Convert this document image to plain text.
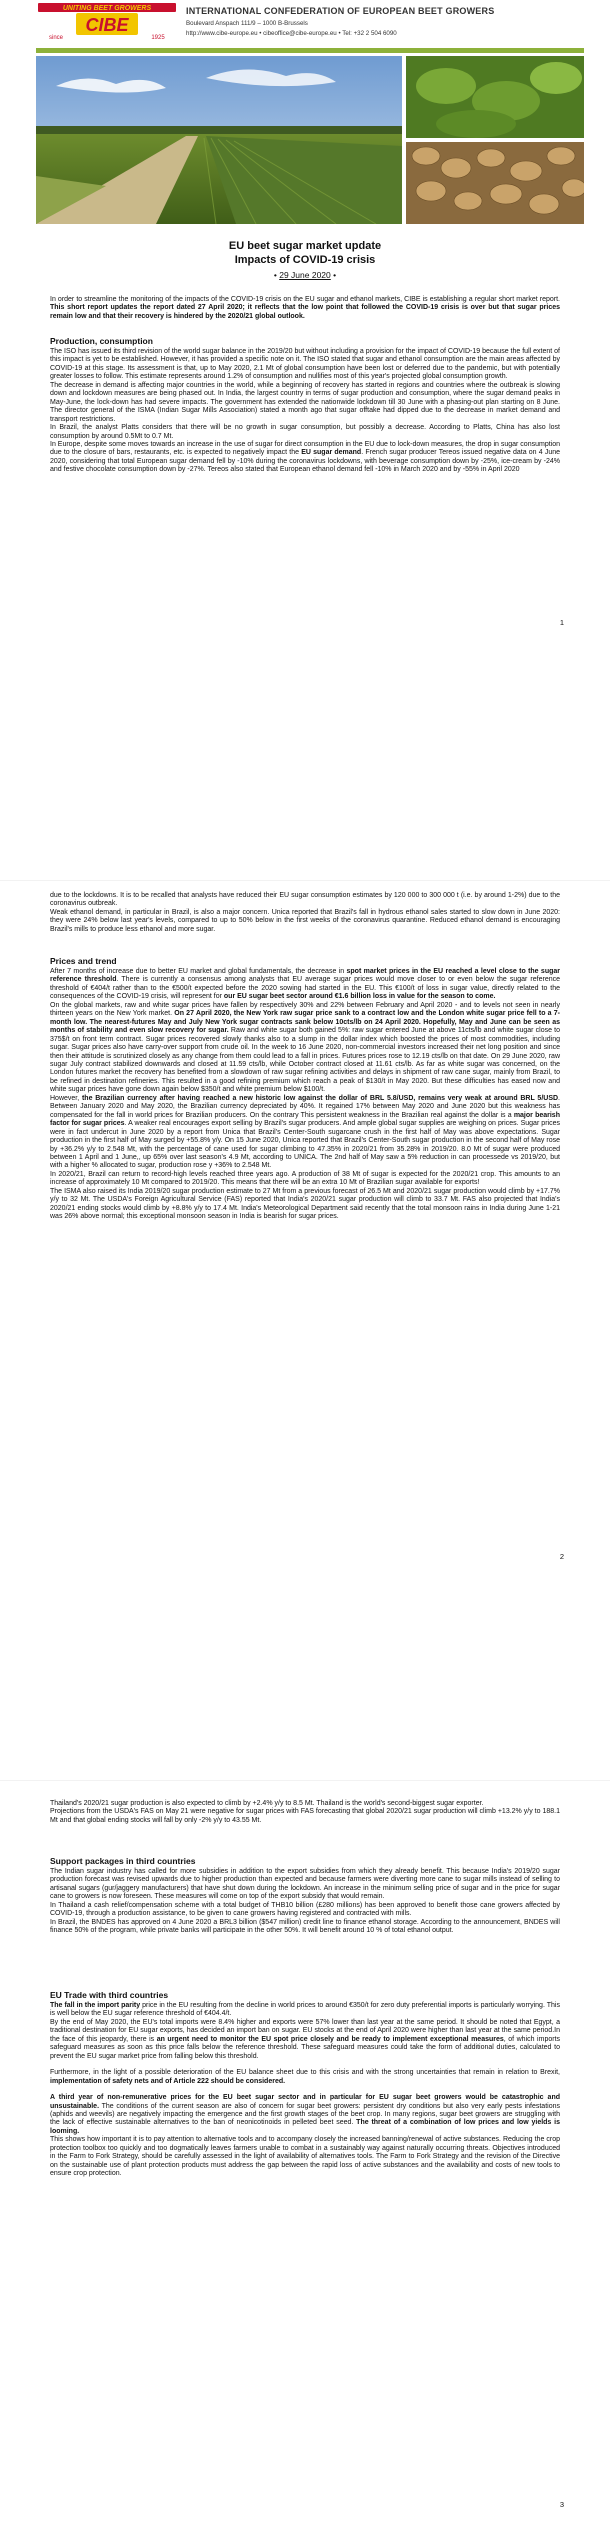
UNITING BEET GROWERS
CIBE
since	1925
INTERNATIONAL CONFEDERATION OF EUROPEAN BEET GROWERS
Boulevard Anspach 111/9 – 1000 B-Brussels
http://www.cibe-europe.eu • cibeoffice@cibe-europe.eu • Tel: +32 2 504 6090
EU beet sugar market update
Impacts of COVID-19 crisis
• 29 June 2020 •

In order to streamline the monitoring of the impacts of the COVID-19 crisis on the EU sugar and ethanol markets, CIBE is establishing a regular short market report. This short report updates the report dated 27 April 2020; it reflects that the low point that followed the COVID-19 crisis is over but that sugar prices remain low and that their recovery is hindered by the 2020/21 global outlook.

Production, consumption

The ISO has issued its third revision of the world sugar balance in the 2019/20 but without including a provision for the impact of COVID-19 because the full extent of this impact is yet to be established. However, it has provided a specific note on it. The ISO stated that sugar and ethanol consumption are the main areas affected by COVID-19 at this stage. Its assessment is that, up to May 2020, 2.1 Mt of global consumption have been lost or deferred due to the pandemic, but with potentially greater losses to follow. This estimate represents around 1.2% of consumption and nullifies most of this year's projected global consumption growth.

The decrease in demand is affecting major countries in the world, while a beginning of recovery has started in regions and countries where the outbreak is slowing down and lockdown measures are being phased out. In India, the largest country in terms of sugar production and consumption, where the sugar demand peaks in May-June, the lock-down has had severe impacts. The government has extended the nationwide lockdown till 30 June with a phasing-out plan starting on 8 June. The director general of the ISMA (Indian Sugar Mills Association) stated a month ago that sugar offtake had dipped due to the decrease in market demand and transport restrictions.

In Brazil, the analyst Platts considers that there will be no growth in sugar consumption, but possibly a decrease. According to Platts, China has also lost consumption by around 0.5Mt to 0.7 Mt.

In Europe, despite some moves towards an increase in the use of sugar for direct consumption in the EU due to lock-down measures, the drop in sugar consumption due to the closure of bars, restaurants, etc. is expected to negatively impact the EU sugar demand. French sugar producer Tereos issued negative data on 4 June 2020, considering that total European sugar demand fell by -10% during the coronavirus lockdowns, with beverage consumption down by -25%, ice-cream by -24% and festive chocolate consumption down by -27%. Tereos also stated that European ethanol demand fell -10% in March 2020 and by -55% in April 2020

1

due to the lockdowns. It is to be recalled that analysts have reduced their EU sugar consumption estimates by 120 000 to 300 000 t (i.e. by around 1-2%) due to the coronavirus outbreak.

Weak ethanol demand, in particular in Brazil, is also a major concern. Unica reported that Brazil's fall in hydrous ethanol sales started to slow down in June 2020: they were 24% below last year's levels, compared to up to 50% below in the first weeks of the coronavirus quarantine. Reduced ethanol demand is encouraging Brazil's mills to produce less ethanol and more sugar.

Prices and trend

After 7 months of increase due to better EU market and global fundamentals, the decrease in spot market prices in the EU reached a level close to the sugar reference threshold. There is currently a consensus among analysts that EU average sugar prices would move closer to or even below the sugar reference threshold of €404/t rather than to the €500/t expected before the 2020 sowing had started in the EU. This €100/t of loss in sugar value, directly related to the consequences of the COVID-19 crisis, will represent for our EU sugar beet sector around €1.6 billion loss in value for the season to come.

On the global markets, raw and white sugar prices have fallen by respectively 30% and 22% between February and April 2020 - and to levels not seen in nearly thirteen years on the New York market. On 27 April 2020, the New York raw sugar price sank to a contract low and the London white sugar price fell to a 7-month low. The nearest-futures May and July New York sugar contracts sank below 10cts/lb on 24 April 2020. Hopefully, May and June can be seen as months of stability and even slow recovery for sugar. Raw and white sugar both gained 5%: raw sugar entered June at above 11cts/lb and white sugar close to 375$/t on front term contract. Sugar prices recovered slowly thanks also to a slump in the dollar index which boosted the prices of most commodities, including sugar. Sugar prices also have carry-over support from crude oil. In the week to 16 June 2020, non-commercial investors increased their net long position and since then their attitude is scrutinized closely as any change from them could lead to a fall in prices. Futures prices rose to 12.19 cts/lb on that date. On 29 June 2020, raw sugar July contract stabilized downwards and closed at 11.59 cts/lb, while October contract closed at 11.61 cts/lb. As far as white sugar was concerned, on the London futures market the recovery has benefited from a slowdown of raw sugar refining activities and delays in shipment of raw cane sugar, mainly from Brazil, to be refined in destination refineries. This resulted in a good refining premium which reach a peak of $130/t in May 2020. But these difficulties has eased now and white sugar prices have gone down again below $350/t and white premium below $100/t.

However, the Brazilian currency after having reached a new historic low against the dollar of BRL 5.8/USD, remains very weak at around BRL 5/USD. Between January 2020 and May 2020, the Brazilian currency depreciated by 40%. It regained 17% between May 2020 and June 2020 but this weakness has compensated for the fall in world prices for Brazilian producers. On the contrary This persistent weakness in the Brazilian real against the dollar is a major bearish factor for sugar prices. A weaker real encourages export selling by Brazil's sugar producers. And ample global sugar supplies are weighing on prices. Sugar prices were in fact undercut in June 2020 by a report from Unica that Brazil's Center-South sugarcane crush in the first half of May was above expectations. Sugar production in the first half of May surged by +55.8% y/y. On 15 June 2020, Unica reported that Brazil's Center-South sugar production in the second half of May rose by +36.2% y/y to 2.548 Mt, with the percentage of cane used for sugar climbing to 47.35% in 2020/21 from 35.28% in 2019/20. 8.0 Mt of sugar were produced between 1 April and 1 June,, up 65% over last season's 4.9 Mt, according to UNICA. The 2nd half of May saw a 5% reduction in can processede vs 2019/20, but with a higher % allocated to sugar, production rose y +36% to 2.548 Mt.

In 2020/21, Brazil can return to record-high levels reached three years ago. A production of 38 Mt of sugar is expected for the 2020/21 crop. This amounts to an increase of approximately 10 Mt compared to 2019/20. This means that there will be an extra 10 Mt of Brazilian sugar available for exports!

The ISMA also raised its India 2019/20 sugar production estimate to 27 Mt from a previous forecast of 26.5 Mt and 2020/21 sugar production would climb by +17.7% y/y to 32 Mt. The USDA's Foreign Agricultural Service (FAS) reported that India's 2020/21 sugar production will climb to 33.7 Mt. FAS also projected that India's 2020/21 ending stocks would climb by +8.8% y/y to 17.4 Mt. India's Meteorological Department said recently that the total monsoon rains in India during June 1-21 was 26% above normal; this exceptional monsoon season in India is bearish for sugar prices.

2

Thailand's 2020/21 sugar production is also expected to climb by +2.4% y/y to 8.5 Mt. Thailand is the world's second-biggest sugar exporter.

Projections from the USDA's FAS on May 21 were negative for sugar prices with FAS forecasting that global 2020/21 sugar production will climb +13.2% y/y to 188.1 Mt and that global ending stocks will fall by only -2% y/y to 43.55 Mt.

Support packages in third countries

The Indian sugar industry has called for more subsidies in addition to the export subsidies from which they already benefit. This because India's 2019/20 sugar production forecast was revised upwards due to higher production than expected and because farmers were diverting more cane to sugar mills instead of selling to artisanal sugars (gur/jaggery manufacturers) that have shut down during the lockdown. An increase in the minimum selling price of sugar and in the price for sugar cane to growers is now foreseen. These measures will come on top of the export subsidy that would remain.

In Thailand a cash relief/compensation scheme with a total budget of THB10 billion (£280 millions) has been approved to benefit those cane growers affected by COVID-19, through a production assistance, to be given to cane growers having registered and contracted with mills.

In Brazil, the BNDES has approved on 4 June 2020 a BRL3 billion ($547 million) credit line to finance ethanol storage. According to the announcement, BNDES will finance 50% of the program, while private banks will participate in the other 50%. It will benefit around 10 % of total ethanol output.

EU Trade with third countries

The fall in the import parity price in the EU resulting from the decline in world prices to around €350/t for zero duty preferential imports is particularly worrying. This is well below the EU sugar reference threshold of €404.4/t.

By the end of May 2020, the EU's total imports were 8.4% higher and exports were 57% lower than last year at the same period. It should be noted that Egypt, a traditional destination for EU sugar exports, has decided an import ban on sugar. EU stocks at the end of April 2020 were higher than last year at the same period.In the face of this jeopardy, there is an urgent need to monitor the EU spot price closely and be ready to implement exceptional measures, of which imports safeguard measures as soon as this price falls below the reference threshold. These safeguard measures could take the form of additional duties, calculated to prevent the EU sugar market price from falling below this threshold.

Furthermore, in the light of a possible deterioration of the EU balance sheet due to this crisis and with the strong uncertainties that remain in relation to Brexit, implementation of safety nets and of Article 222 should be considered.

A third year of non-remunerative prices for the EU beet sugar sector and in particular for EU sugar beet growers would be catastrophic and unsustainable. The conditions of the current season are also of concern for sugar beet growers: persistent dry conditions but also very early pests infestations (aphids and weevils) are negatively impacting the emergence and the first growth stages of the beet crop. In many regions, sugar beet growers are struggling with the lack of effective sustainable alternatives to the ban of neonicotinoids in pelleted beet seed. The threat of a combination of low prices and low yields is looming.

This shows how important it is to pay attention to alternative tools and to accompany closely the increased banning/renewal of active substances. Reducing the crop protection toolbox too quickly and too dogmatically leaves farmers unable to combat in a sustainably way against naturally occurring threats. Objectives introduced in the Farm to Fork Strategy, should be carefully assessed in the light of availability of alternatives tools. The Farm to Fork Strategy and the revision of the Directive on the sustainable use of plant protection products must address the gap between the rapid loss of active substances and the availability and costs of new tools to ensure crop protection.

3
